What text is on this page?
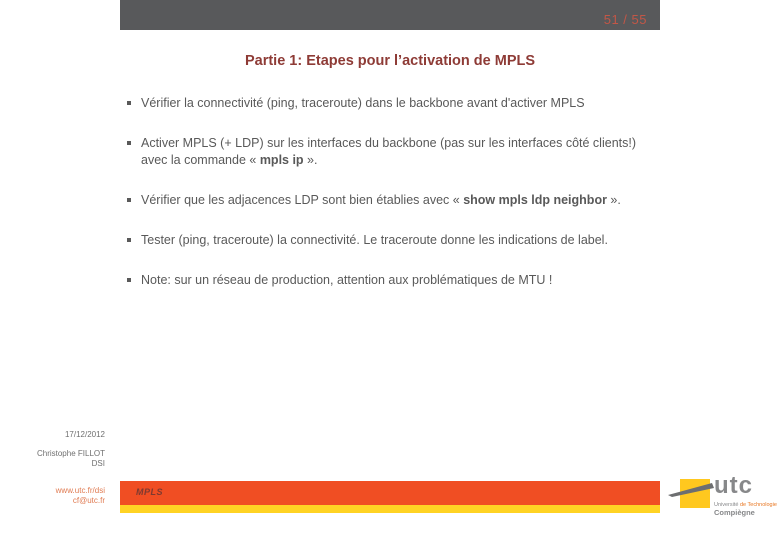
51 / 55
Partie 1: Etapes pour l’activation de MPLS
Vérifier la connectivité (ping, traceroute) dans le backbone avant d'activer MPLS
Activer MPLS (+ LDP) sur les interfaces du backbone (pas sur les interfaces côté clients!) avec la commande « mpls ip ».
Vérifier que les adjacences LDP sont bien établies avec « show mpls ldp neighbor ».
Tester (ping, traceroute) la connectivité. Le traceroute donne les indications de label.
Note: sur un réseau de production, attention aux problématiques de MTU !
17/12/2012
Christophe FILLOT
DSI
www.utc.fr/dsi
cf@utc.fr
MPLS	utc
Université de Technologie
Compiègne
